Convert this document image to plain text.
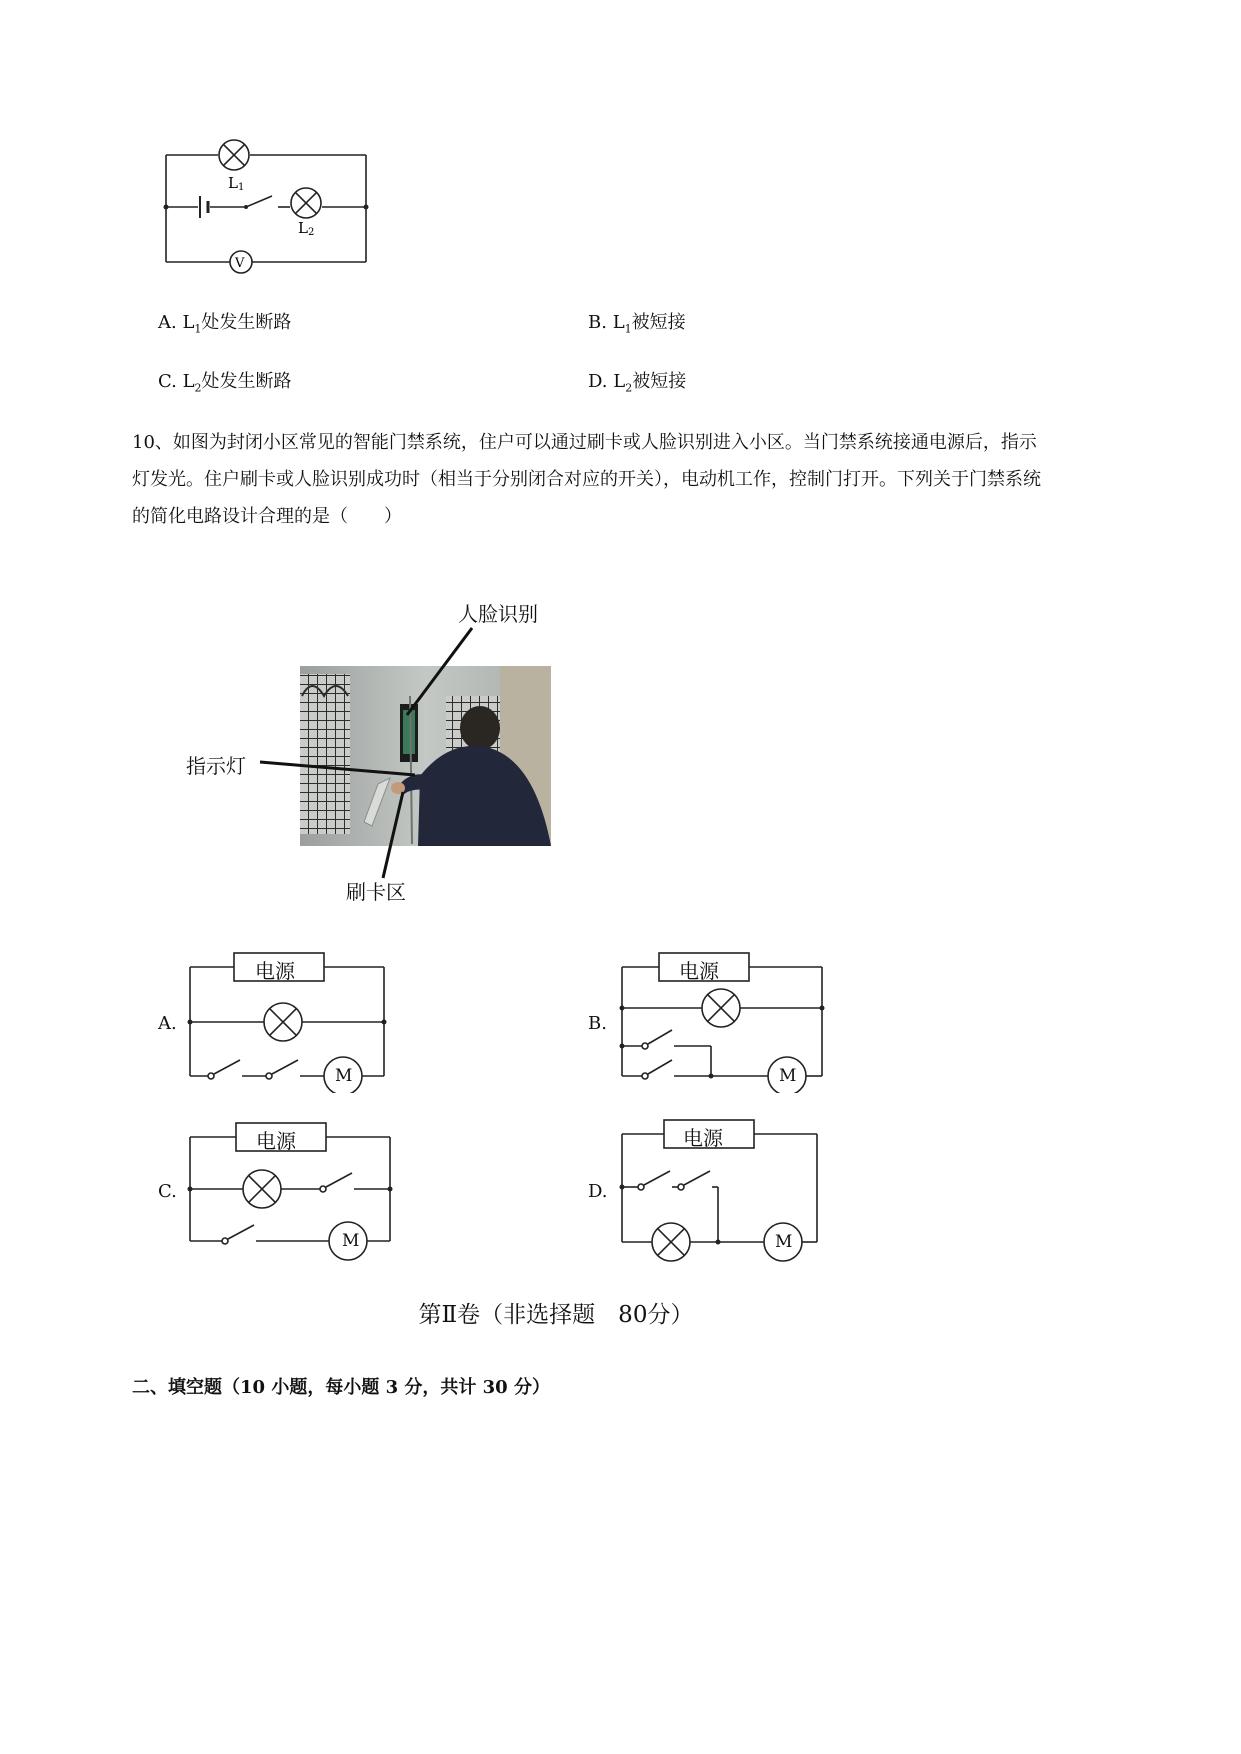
L1
L2
V
A. $L_1$处发生断路	B. $L_1$被短接
C. $L_2$处发生断路	D. $L_2$被短接
10、如图为封闭小区常见的智能门禁系统，住户可以通过刷卡或人脸识别进入小区。当门禁系统接通电源后，指示灯发光。住户刷卡或人脸识别成功时（相当于分别闭合对应的开关），电动机工作，控制门打开。下列关于门禁系统的简化电路设计合理的是（　　）
人脸识别
指示灯
刷卡区
A.
电源
M
B.
电源
M
C.
电源
M
D.
电源
M
第Ⅱ卷（非选择题　80分）
二、填空题（10 小题，每小题 3 分，共计 30 分）
